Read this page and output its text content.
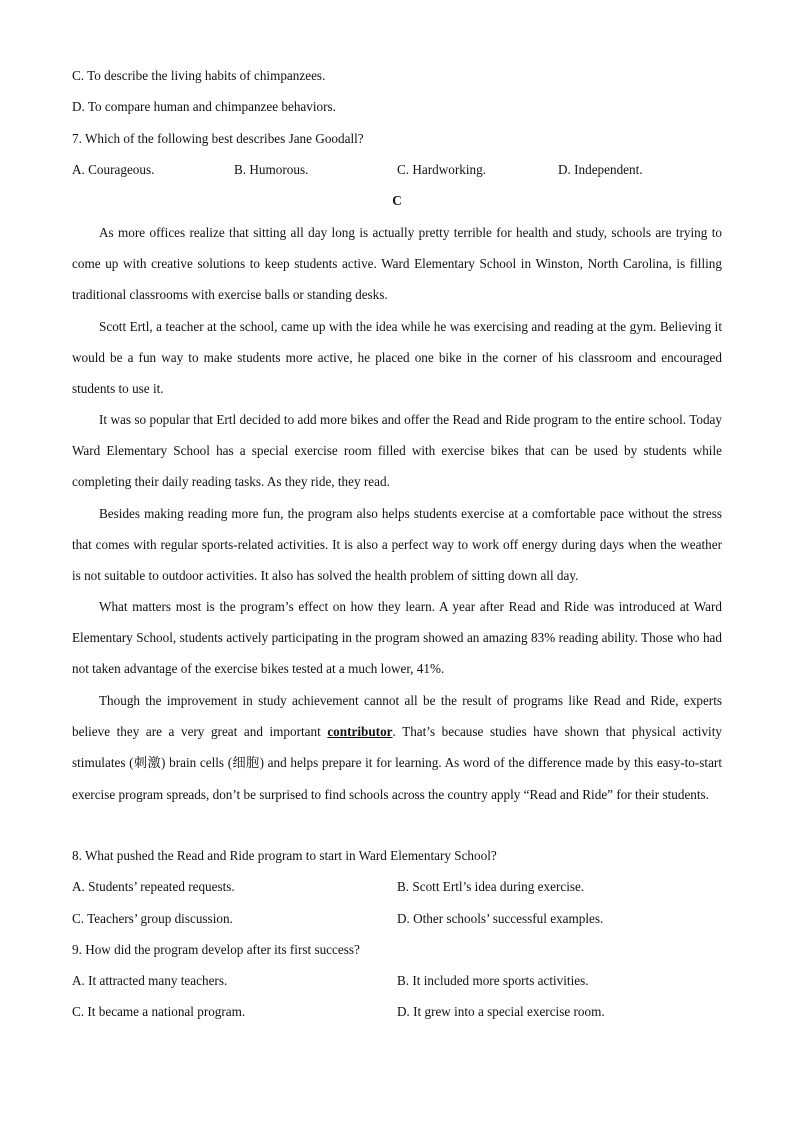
C. To describe the living habits of chimpanzees.
D. To compare human and chimpanzee behaviors.
7. Which of the following best describes Jane Goodall?
A. Courageous.	B. Humorous.	C. Hardworking.	D. Independent.
C
As more offices realize that sitting all day long is actually pretty terrible for health and study, schools are trying to come up with creative solutions to keep students active. Ward Elementary School in Winston, North Carolina, is filling traditional classrooms with exercise balls or standing desks.
Scott Ertl, a teacher at the school, came up with the idea while he was exercising and reading at the gym. Believing it would be a fun way to make students more active, he placed one bike in the corner of his classroom and encouraged students to use it.
It was so popular that Ertl decided to add more bikes and offer the Read and Ride program to the entire school. Today Ward Elementary School has a special exercise room filled with exercise bikes that can be used by students while completing their daily reading tasks. As they ride, they read.
Besides making reading more fun, the program also helps students exercise at a comfortable pace without the stress that comes with regular sports-related activities. It is also a perfect way to work off energy during days when the weather is not suitable to outdoor activities. It also has solved the health problem of sitting down all day.
What matters most is the program’s effect on how they learn. A year after Read and Ride was introduced at Ward Elementary School, students actively participating in the program showed an amazing 83% reading ability. Those who had not taken advantage of the exercise bikes tested at a much lower, 41%.
Though the improvement in study achievement cannot all be the result of programs like Read and Ride, experts believe they are a very great and important contributor. That’s because studies have shown that physical activity stimulates (刺激) brain cells (细胞) and helps prepare it for learning. As word of the difference made by this easy-to-start exercise program spreads, don’t be surprised to find schools across the country apply “Read and Ride” for their students.
8. What pushed the Read and Ride program to start in Ward Elementary School?
A. Students’ repeated requests.	B. Scott Ertl’s idea during exercise.
C. Teachers’ group discussion.	D. Other schools’ successful examples.
9. How did the program develop after its first success?
A. It attracted many teachers.	B. It included more sports activities.
C. It became a national program.	D. It grew into a special exercise room.
